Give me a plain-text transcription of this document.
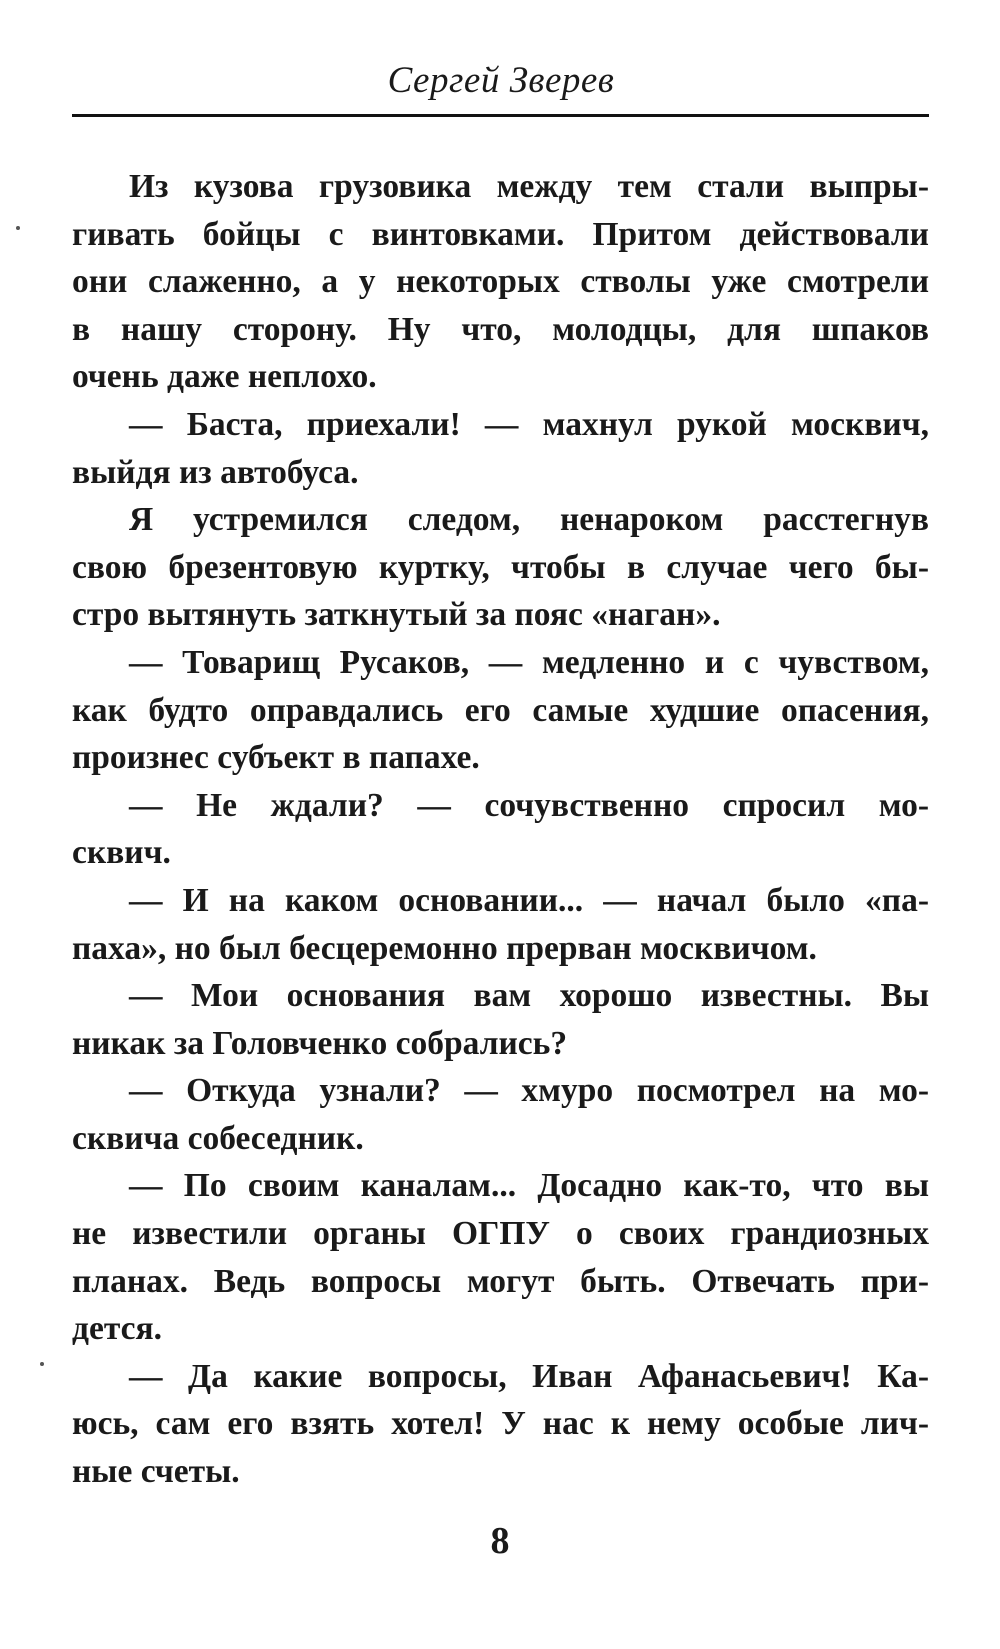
Сергей Зверев
Из кузова грузовика между тем стали выпры-
гивать бойцы с винтовками. Притом действовали
они слаженно, а у некоторых стволы уже смотрели
в нашу сторону. Ну что, молодцы, для шпаков
очень даже неплохо.
— Баста, приехали! — махнул рукой москвич,
выйдя из автобуса.
Я устремился следом, ненароком расстегнув
свою брезентовую куртку, чтобы в случае чего бы-
стро вытянуть заткнутый за пояс «наган».
— Товарищ Русаков, — медленно и с чувством,
как будто оправдались его самые худшие опасения,
произнес субъект в папахе.
— Не ждали? — сочувственно спросил мо-
сквич.
— И на каком основании... — начал было «па-
паха», но был бесцеремонно прерван москвичом.
— Мои основания вам хорошо известны. Вы
никак за Головченко собрались?
— Откуда узнали? — хмуро посмотрел на мо-
сквича собеседник.
— По своим каналам... Досадно как-то, что вы
не известили органы ОГПУ о своих грандиозных
планах. Ведь вопросы могут быть. Отвечать при-
дется.
— Да какие вопросы, Иван Афанасьевич! Ка-
юсь, сам его взять хотел! У нас к нему особые лич-
ные счеты.
8
